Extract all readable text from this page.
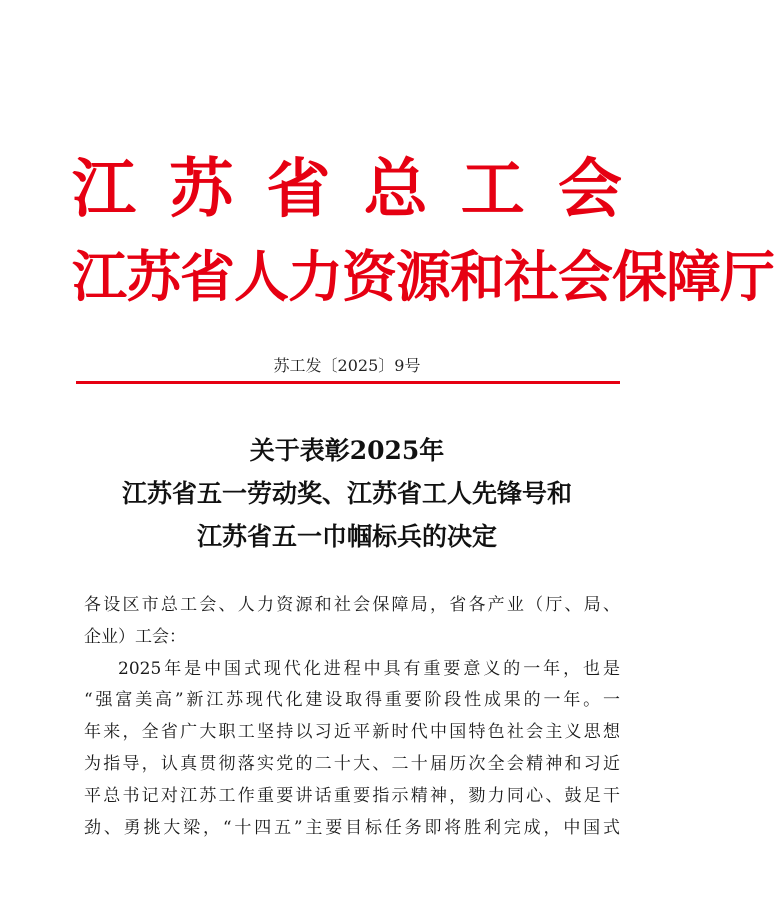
江 苏 省 总 工 会
江苏省人力资源和社会保障厅
苏工发〔2025〕9号
关于表彰2025年
江苏省五一劳动奖、江苏省工人先锋号和
江苏省五一巾帼标兵的决定
各设区市总工会、人力资源和社会保障局，省各产业（厅、局、
企业）工会：
2025年是中国式现代化进程中具有重要意义的一年，也是
“强富美高”新江苏现代化建设取得重要阶段性成果的一年。一
年来，全省广大职工坚持以习近平新时代中国特色社会主义思想
为指导，认真贯彻落实党的二十大、二十届历次全会精神和习近
平总书记对江苏工作重要讲话重要指示精神，勠力同心、鼓足干
劲、勇挑大梁，“十四五”主要目标任务即将胜利完成，中国式
